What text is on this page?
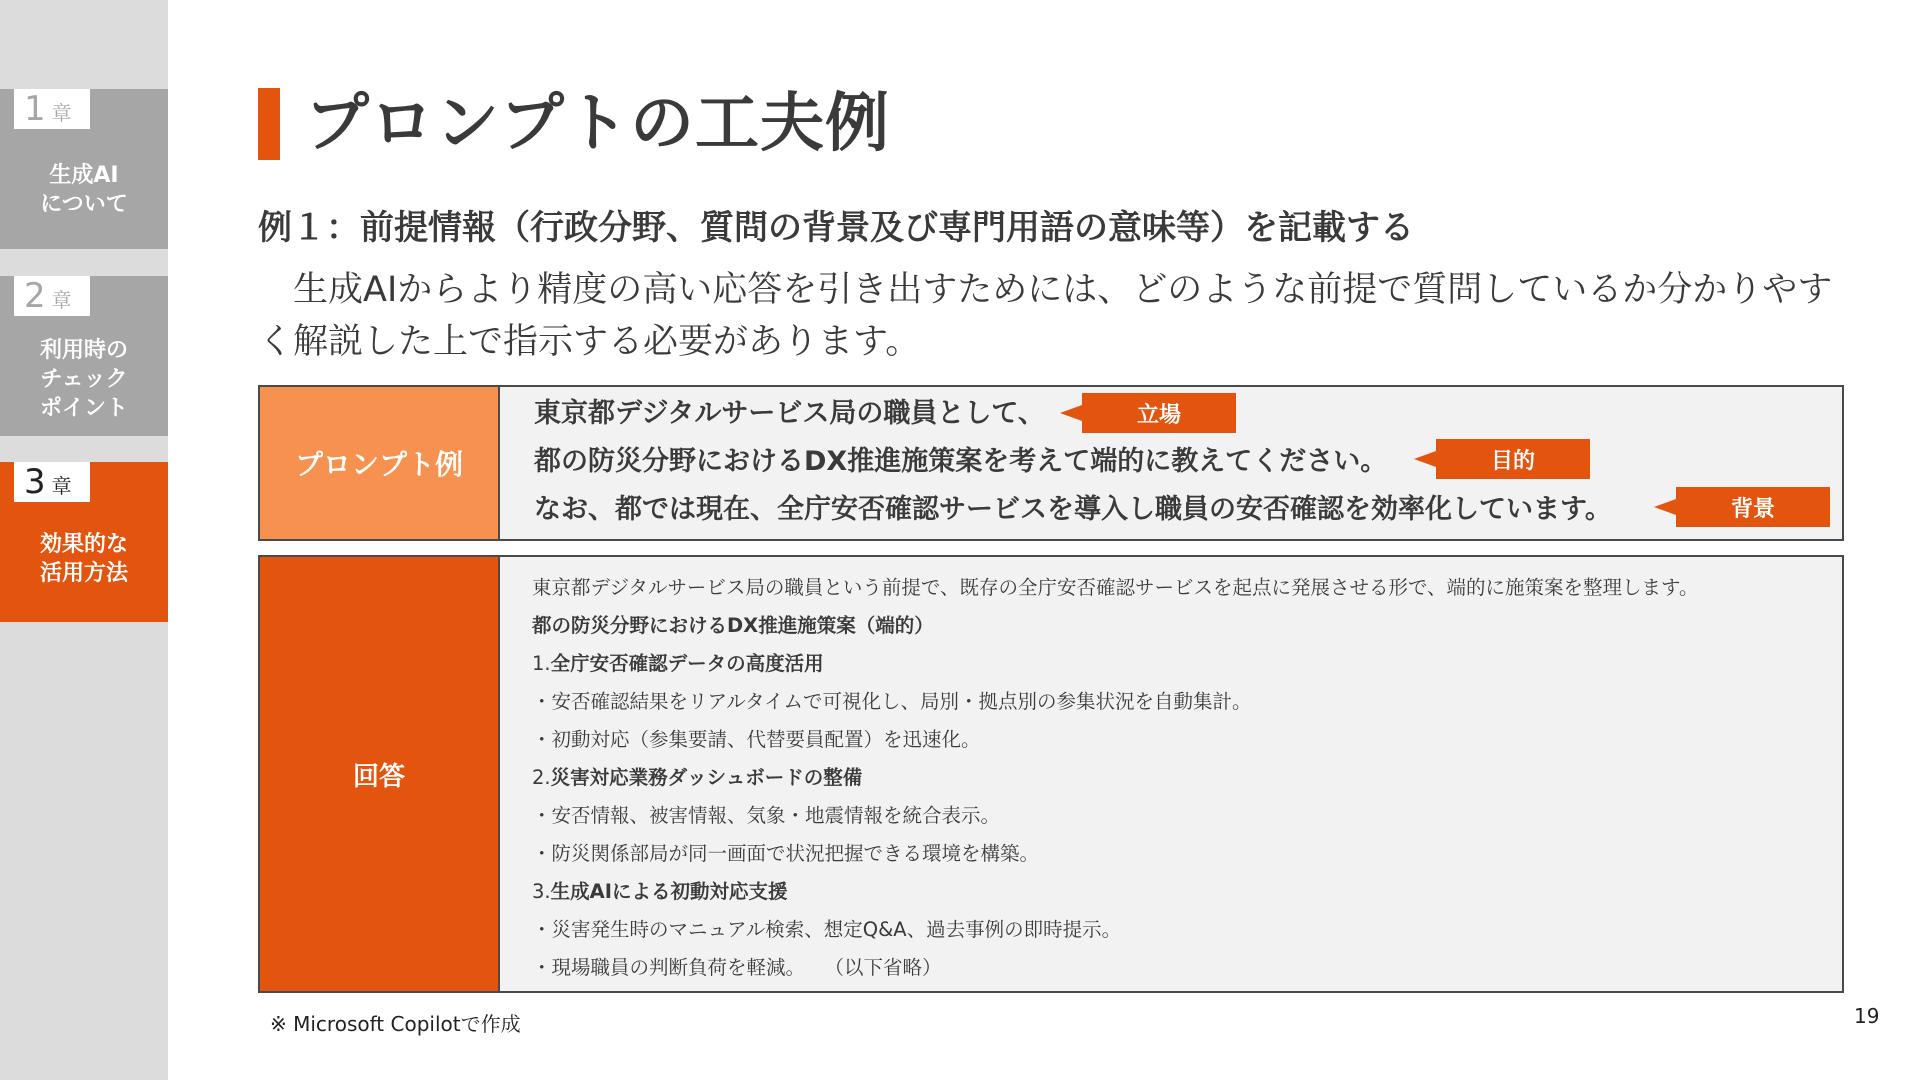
1 章
生成AI
について
2 章
利用時の
チェック
ポイント
3 章
効果的な
活用方法
プロンプトの工夫例
例１：前提情報（行政分野、質問の背景及び専門用語の意味等）を記載する
　生成AIからより精度の高い応答を引き出すためには、どのような前提で質問しているか分かりやすく解説した上で指示する必要があります。
プロンプト例
東京都デジタルサービス局の職員として、	立場
都の防災分野におけるDX推進施策案を考えて端的に教えてください。	目的
なお、都では現在、全庁安否確認サービスを導入し職員の安否確認を効率化しています。	背景
回答
東京都デジタルサービス局の職員という前提で、既存の全庁安否確認サービスを起点に発展させる形で、端的に施策案を整理します。
都の防災分野におけるDX推進施策案（端的）
1.全庁安否確認データの高度活用
・安否確認結果をリアルタイムで可視化し、局別・拠点別の参集状況を自動集計。
・初動対応（参集要請、代替要員配置）を迅速化。
2.災害対応業務ダッシュボードの整備
・安否情報、被害情報、気象・地震情報を統合表示。
・防災関係部局が同一画面で状況把握できる環境を構築。
3.生成AIによる初動対応支援
・災害発生時のマニュアル検索、想定Q&A、過去事例の即時提示。
・現場職員の判断負荷を軽減。　　（以下省略）
※ Microsoft Copilotで作成	19
